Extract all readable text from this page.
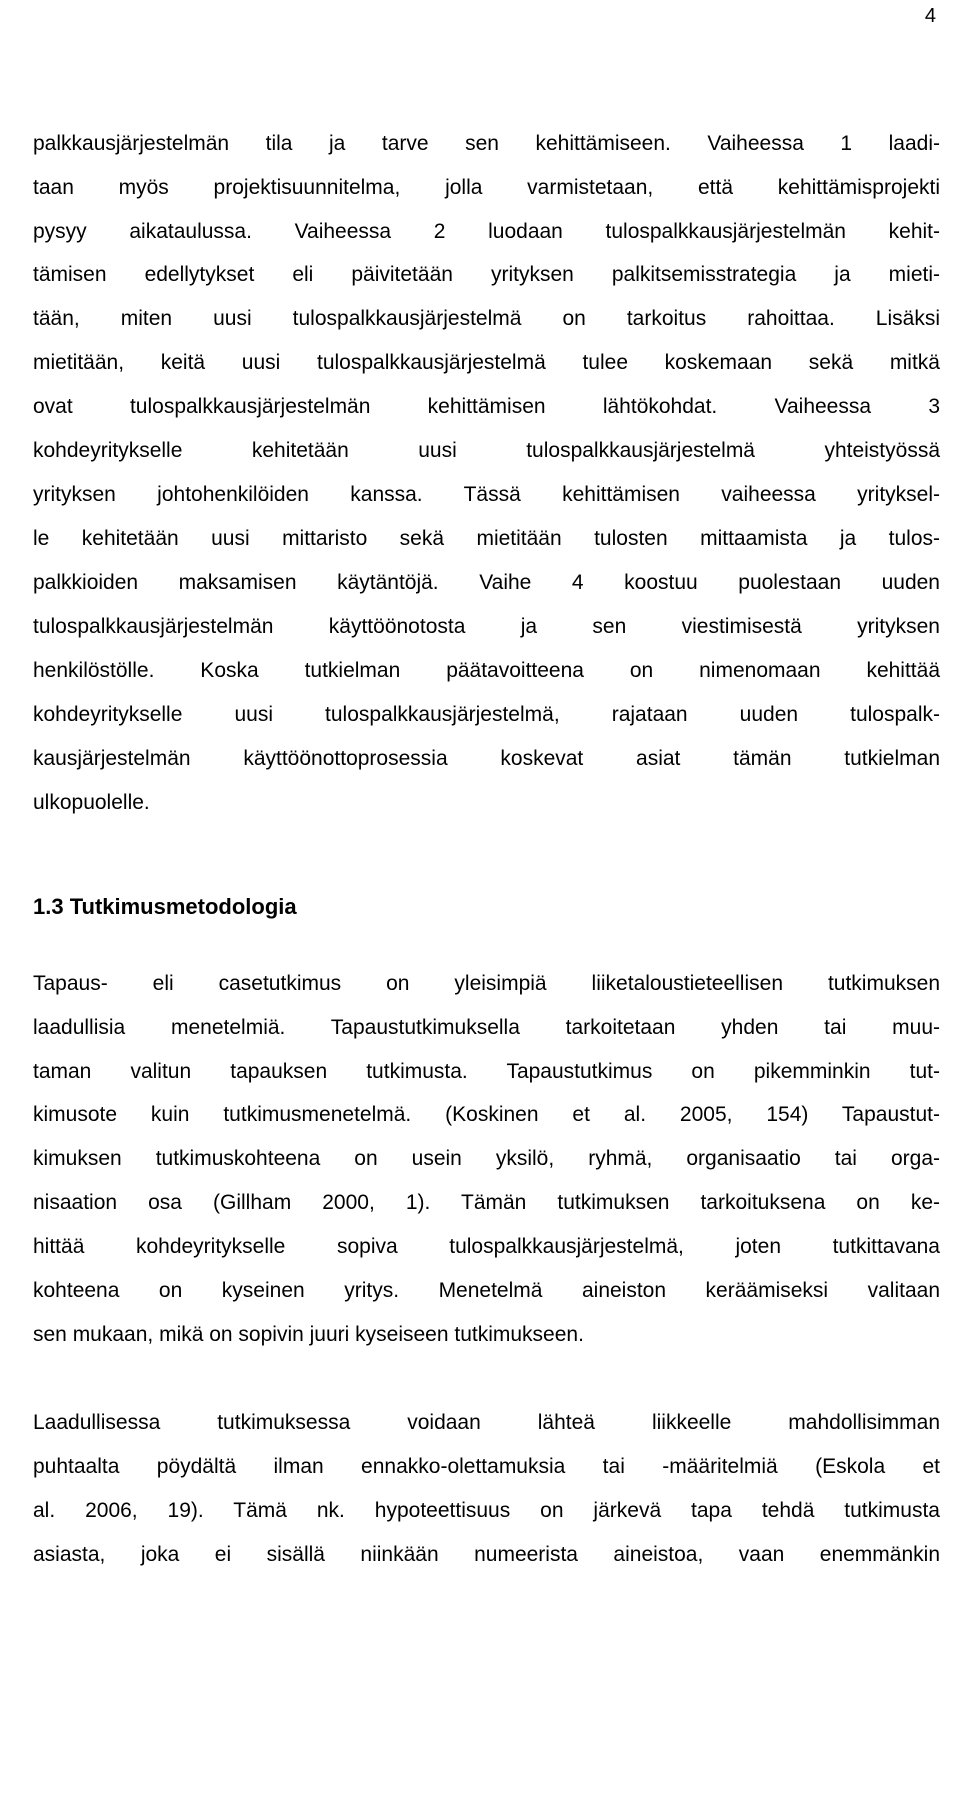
4
palkkausjärjestelmän tila ja tarve sen kehittämiseen. Vaiheessa 1 laadi-
taan myös projektisuunnitelma, jolla varmistetaan, että kehittämisprojekti
pysyy aikataulussa. Vaiheessa 2 luodaan tulospalkkausjärjestelmän kehit-
tämisen edellytykset eli päivitetään yrityksen palkitsemisstrategia ja mieti-
tään, miten uusi tulospalkkausjärjestelmä on tarkoitus rahoittaa. Lisäksi
mietitään, keitä uusi tulospalkkausjärjestelmä tulee koskemaan sekä mitkä
ovat tulospalkkausjärjestelmän kehittämisen lähtökohdat. Vaiheessa 3
kohdeyritykselle kehitetään uusi tulospalkkausjärjestelmä yhteistyössä
yrityksen johtohenkilöiden kanssa. Tässä kehittämisen vaiheessa yrityksel-
le kehitetään uusi mittaristo sekä mietitään tulosten mittaamista ja tulos-
palkkioiden maksamisen käytäntöjä. Vaihe 4 koostuu puolestaan uuden
tulospalkkausjärjestelmän käyttöönotosta ja sen viestimisestä yrityksen
henkilöstölle. Koska tutkielman päätavoitteena on nimenomaan kehittää
kohdeyritykselle uusi tulospalkkausjärjestelmä, rajataan uuden tulospalk-
kausjärjestelmän käyttöönottoprosessia koskevat asiat tämän tutkielman
ulkopuolelle.
1.3 Tutkimusmetodologia
Tapaus- eli casetutkimus on yleisimpiä liiketaloustieteellisen tutkimuksen
laadullisia menetelmiä. Tapaustutkimuksella tarkoitetaan yhden tai muu-
taman valitun tapauksen tutkimusta. Tapaustutkimus on pikemminkin tut-
kimusote kuin tutkimusmenetelmä. (Koskinen et al. 2005, 154) Tapaustut-
kimuksen tutkimuskohteena on usein yksilö, ryhmä, organisaatio tai orga-
nisaation osa (Gillham 2000, 1). Tämän tutkimuksen tarkoituksena on ke-
hittää kohdeyritykselle sopiva tulospalkkausjärjestelmä, joten tutkittavana
kohteena on kyseinen yritys. Menetelmä aineiston keräämiseksi valitaan
sen mukaan, mikä on sopivin juuri kyseiseen tutkimukseen.
Laadullisessa tutkimuksessa voidaan lähteä liikkeelle mahdollisimman
puhtaalta pöydältä ilman ennakko-olettamuksia tai -määritelmiä (Eskola et
al. 2006, 19). Tämä nk. hypoteettisuus on järkevä tapa tehdä tutkimusta
asiasta, joka ei sisällä niinkään numeerista aineistoa, vaan enemmänkin
